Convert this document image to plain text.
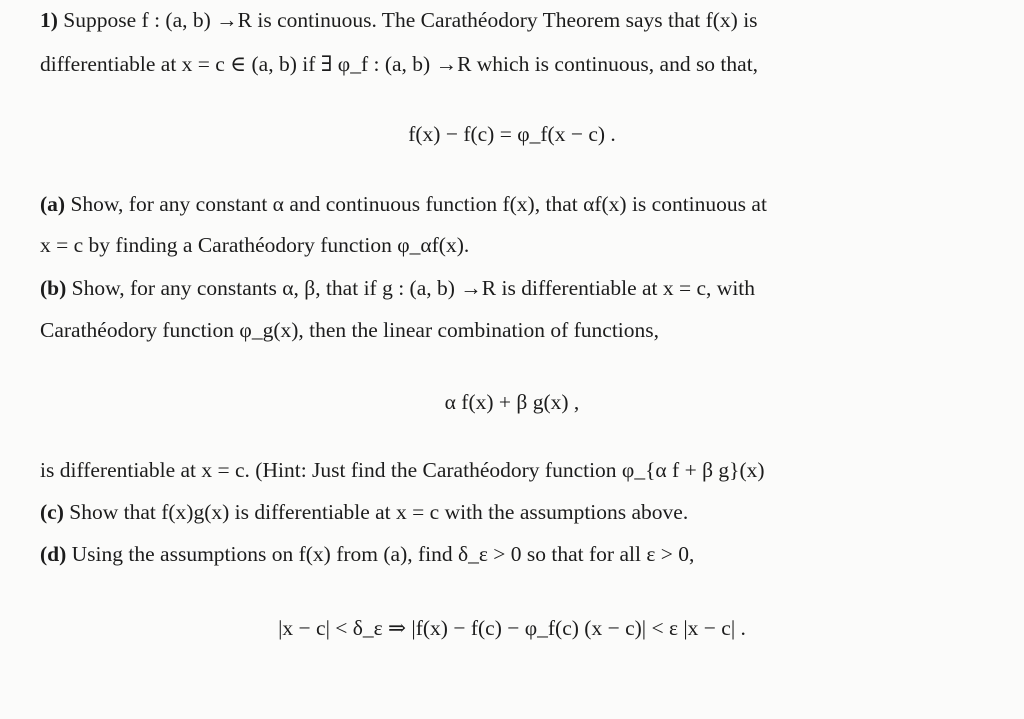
1) Suppose f : (a, b) →R is continuous. The Carathéodory Theorem says that f(x) is
differentiable at x = c ∈ (a, b) if ∃ φ_f : (a, b) →R which is continuous, and so that,
f(x) − f(c) = φ_f(x − c) .
(a) Show, for any constant α and continuous function f(x), that αf(x) is continuous at
x = c by finding a Carathéodory function φ_αf(x).
(b) Show, for any constants α, β, that if g : (a, b) →R is differentiable at x = c, with
Carathéodory function φ_g(x), then the linear combination of functions,
α f(x) + β g(x) ,
is differentiable at x = c. (Hint: Just find the Carathéodory function φ_{α f + β g}(x)
(c) Show that f(x)g(x) is differentiable at x = c with the assumptions above.
(d) Using the assumptions on f(x) from (a), find δ_ε > 0 so that for all ε > 0,
|x − c| < δ_ε ⇒ |f(x) − f(c) − φ_f(c) (x − c)| < ε |x − c| .
